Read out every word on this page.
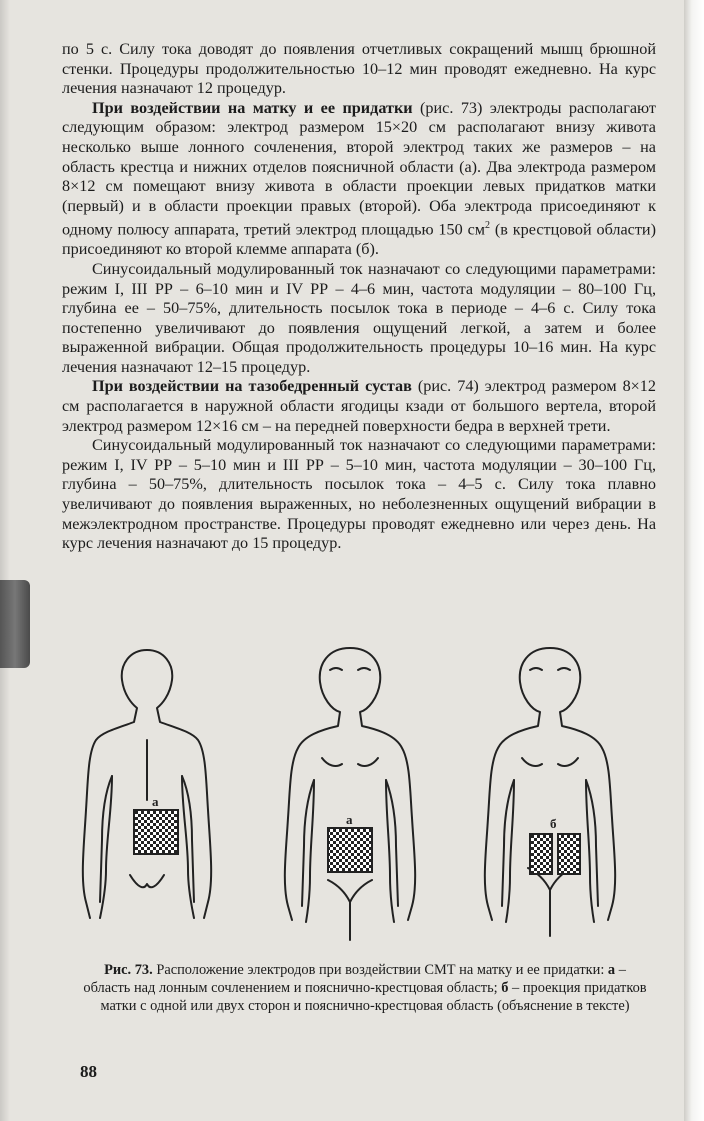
по 5 с. Силу тока доводят до появления отчетливых сокращений мышц брюшной стенки. Процедуры продолжительностью 10–12 мин проводят ежедневно. На курс лечения назначают 12 процедур.

При воздействии на матку и ее придатки (рис. 73) электроды располагают следующим образом: электрод размером 15×20 см располагают внизу живота несколько выше лонного сочленения, второй электрод таких же размеров – на область крестца и нижних отделов поясничной области (а). Два электрода размером 8×12 см помещают внизу живота в области проекции левых придатков матки (первый) и в области проекции правых (второй). Оба электрода присоединяют к одному полюсу аппарата, третий электрод площадью 150 $см^2$ (в крестцовой области) присоединяют ко второй клемме аппарата (б).

Синусоидальный модулированный ток назначают со следующими параметрами: режим I, III РР – 6–10 мин и IV РР – 4–6 мин, частота модуляции – 80–100 Гц, глубина ее – 50–75%, длительность посылок тока в периоде – 4–6 с. Силу тока постепенно увеличивают до появления ощущений легкой, а затем и более выраженной вибрации. Общая продолжительность процедуры 10–16 мин. На курс лечения назначают 12–15 процедур.

При воздействии на тазобедренный сустав (рис. 74) электрод размером 8×12 см располагается в наружной области ягодицы кзади от большого вертела, второй электрод размером 12×16 см – на передней поверхности бедра в верхней трети.

Синусоидальный модулированный ток назначают со следующими параметрами: режим I, IV РР – 5–10 мин и III РР – 5–10 мин, частота модуляции – 30–100 Гц, глубина – 50–75%, длительность посылок тока – 4–5 с. Силу тока плавно увеличивают до появления выраженных, но неболезненных ощущений вибрации в межэлектродном пространстве. Процедуры проводят ежедневно или через день. На курс лечения назначают до 15 процедур.

а
а	б
Рис. 73. Расположение электродов при воздействии СМТ на матку и ее придатки: а – область над лонным сочленением и пояснично-крестцовая область; б – проекция придатков матки с одной или двух сторон и пояснично-крестцовая область (объяснение в тексте)
88
